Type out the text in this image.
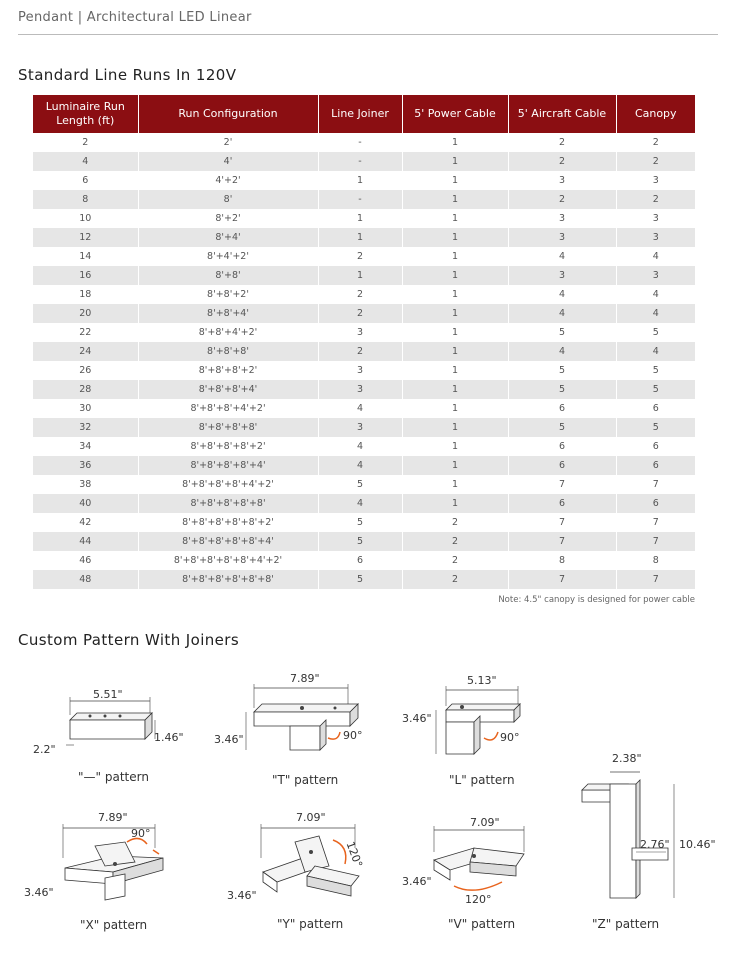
Pendant | Architectural LED Linear
Standard Line Runs In 120V
Luminaire Run Length (ft)	Run Configuration	Line Joiner	5' Power Cable	5' Aircraft Cable	Canopy
2	2'	-	1	2	2
4	4'	-	1	2	2
6	4'+2'	1	1	3	3
8	8'	-	1	2	2
10	8'+2'	1	1	3	3
12	8'+4'	1	1	3	3
14	8'+4'+2'	2	1	4	4
16	8'+8'	1	1	3	3
18	8'+8'+2'	2	1	4	4
20	8'+8'+4'	2	1	4	4
22	8'+8'+4'+2'	3	1	5	5
24	8'+8'+8'	2	1	4	4
26	8'+8'+8'+2'	3	1	5	5
28	8'+8'+8'+4'	3	1	5	5
30	8'+8'+8'+4'+2'	4	1	6	6
32	8'+8'+8'+8'	3	1	5	5
34	8'+8'+8'+8'+2'	4	1	6	6
36	8'+8'+8'+8'+4'	4	1	6	6
38	8'+8'+8'+8'+4'+2'	5	1	7	7
40	8'+8'+8'+8'+8'	4	1	6	6
42	8'+8'+8'+8'+8'+2'	5	2	7	7
44	8'+8'+8'+8'+8'+4'	5	2	7	7
46	8'+8'+8'+8'+8'+4'+2'	6	2	8	8
48	8'+8'+8'+8'+8'+8'	5	2	7	7
Note: 4.5" canopy is designed for power cable
Custom Pattern With Joiners
5.51"
1.46"
2.2"
"—" pattern
7.89"
3.46"	90°
"T" pattern
5.13"
3.46"
90°
"L" pattern
7.89"
90°
3.46"
"X" pattern
7.09"
120°
3.46"
"Y" pattern
7.09"
3.46"
120°
"V" pattern
2.38"
2.76" 10.46"
"Z" pattern
